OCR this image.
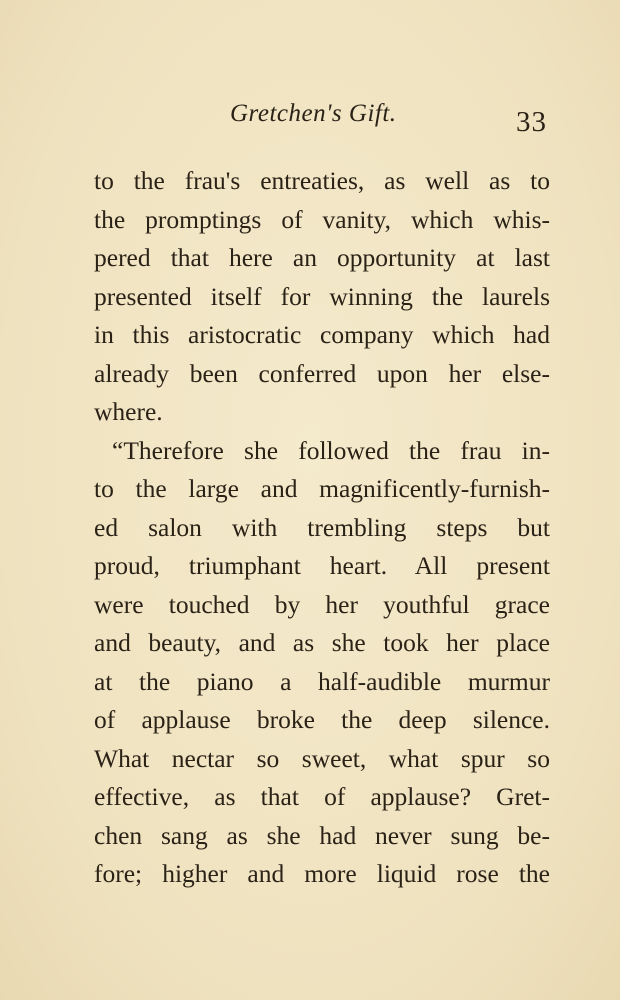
Gretchen's Gift.	33
to the frau's entreaties, as well as to
the promptings of vanity, which whis-
pered that here an opportunity at last
presented itself for winning the laurels
in this aristocratic company which had
already been conferred upon her else-
where.
“Therefore she followed the frau in-
to the large and magnificently-furnish-
ed salon with trembling steps but
proud, triumphant heart. All present
were touched by her youthful grace
and beauty, and as she took her place
at the piano a half-audible murmur
of applause broke the deep silence.
What nectar so sweet, what spur so
effective, as that of applause? Gret-
chen sang as she had never sung be-
fore; higher and more liquid rose the
